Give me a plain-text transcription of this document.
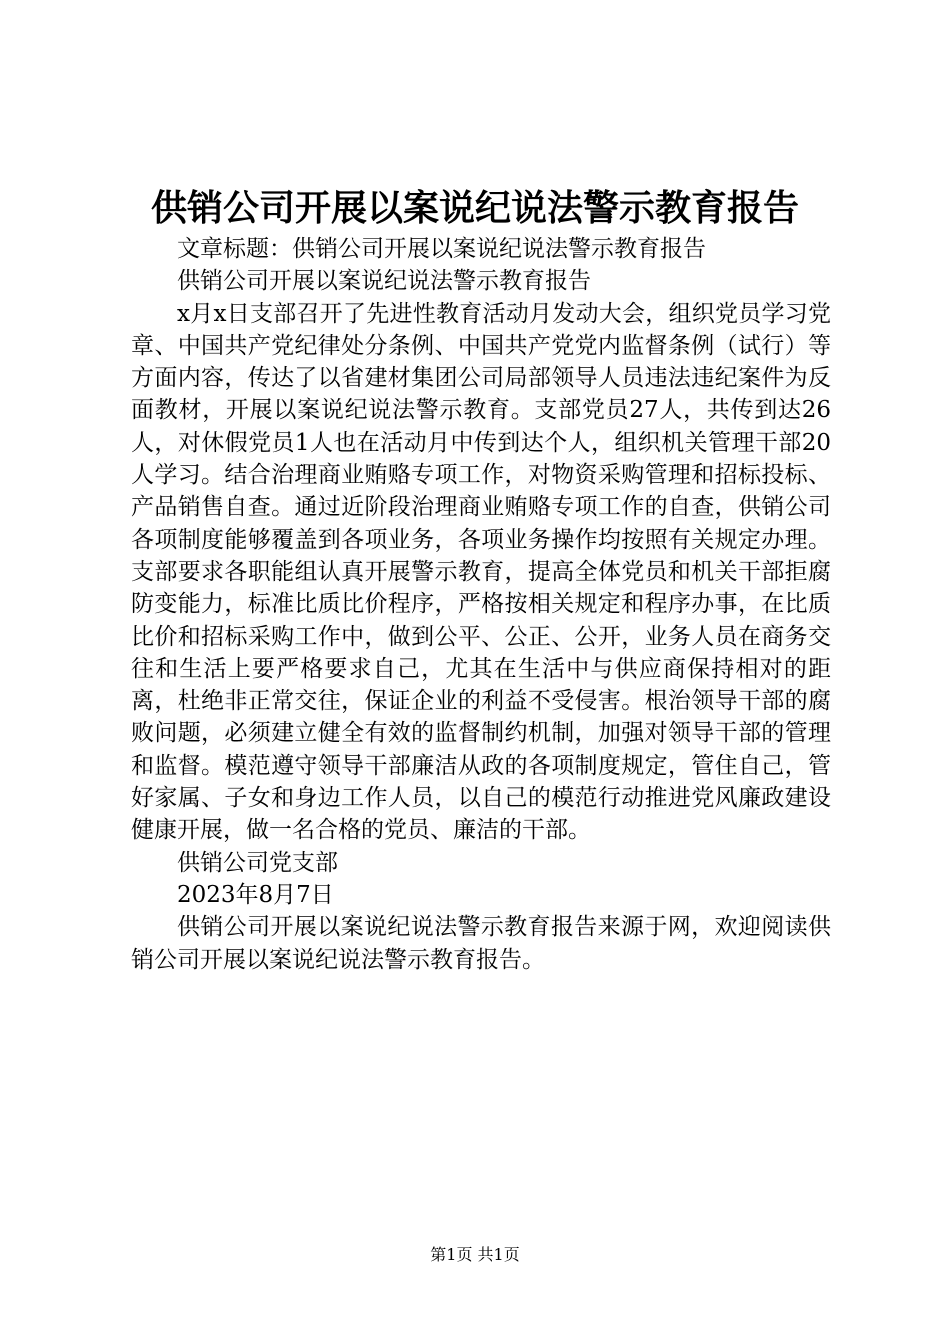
供销公司开展以案说纪说法警示教育报告

文章标题：供销公司开展以案说纪说法警示教育报告

供销公司开展以案说纪说法警示教育报告

x月x日支部召开了先进性教育活动月发动大会，组织党员学习党章、中国共产党纪律处分条例、中国共产党党内监督条例（试行）等方面内容，传达了以省建材集团公司局部领导人员违法违纪案件为反面教材，开展以案说纪说法警示教育。支部党员27人，共传到达26人，对休假党员1人也在活动月中传到达个人，组织机关管理干部20人学习。结合治理商业贿赂专项工作，对物资采购管理和招标投标、产品销售自查。通过近阶段治理商业贿赂专项工作的自查，供销公司各项制度能够覆盖到各项业务，各项业务操作均按照有关规定办理。支部要求各职能组认真开展警示教育，提高全体党员和机关干部拒腐防变能力，标准比质比价程序，严格按相关规定和程序办事，在比质比价和招标采购工作中，做到公平、公正、公开，业务人员在商务交往和生活上要严格要求自己，尤其在生活中与供应商保持相对的距离，杜绝非正常交往，保证企业的利益不受侵害。根治领导干部的腐败问题，必须建立健全有效的监督制约机制，加强对领导干部的管理和监督。模范遵守领导干部廉洁从政的各项制度规定，管住自己，管好家属、子女和身边工作人员，以自己的模范行动推进党风廉政建设健康开展，做一名合格的党员、廉洁的干部。

供销公司党支部

2023年8月7日

供销公司开展以案说纪说法警示教育报告来源于网，欢迎阅读供销公司开展以案说纪说法警示教育报告。

第1页 共1页
